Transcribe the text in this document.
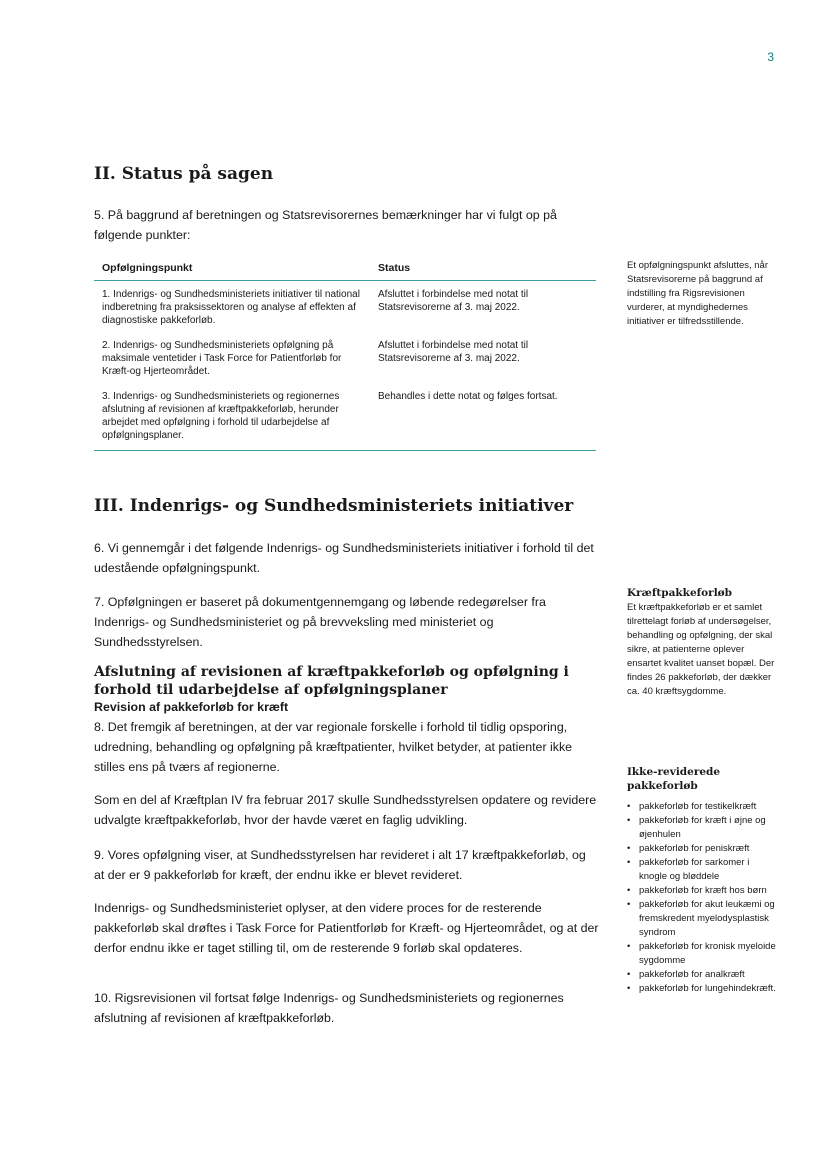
3
II. Status på sagen

5. På baggrund af beretningen og Statsrevisorernes bemærkninger har vi fulgt op på følgende punkter:

Opfølgningspunkt	Status
1. Indenrigs- og Sundhedsministeriets initiativer til national indberetning fra praksissektoren og analyse af effekten af diagnostiske pakkeforløb.	Afsluttet i forbindelse med notat til Statsrevisorerne af 3. maj 2022.
2. Indenrigs- og Sundhedsministeriets opfølgning på maksimale ventetider i Task Force for Patientforløb for Kræft-og Hjerteområdet.	Afsluttet i forbindelse med notat til Statsrevisorerne af 3. maj 2022.
3. Indenrigs- og Sundhedsministeriets og regionernes afslutning af revisionen af kræftpakkeforløb, herunder arbejdet med opfølgning i forhold til udarbejdelse af opfølgningsplaner.	Behandles i dette notat og følges fortsat.
Et opfølgningspunkt afsluttes, når Statsrevisorerne på baggrund af indstilling fra Rigsrevisionen vurderer, at myndighedernes initiativer er tilfredsstillende.
III. Indenrigs- og Sundhedsministeriets initiativer

6. Vi gennemgår i det følgende Indenrigs- og Sundhedsministeriets initiativer i forhold til det udestående opfølgningspunkt.

7. Opfølgningen er baseret på dokumentgennemgang og løbende redegørelser fra Indenrigs- og Sundhedsministeriet og på brevveksling med ministeriet og Sundhedsstyrelsen.

Afslutning af revisionen af kræftpakkeforløb og opfølgning i forhold til udarbejdelse af opfølgningsplaner
Revision af pakkeforløb for kræft

8. Det fremgik af beretningen, at der var regionale forskelle i forhold til tidlig opsporing, udredning, behandling og opfølgning på kræftpatienter, hvilket betyder, at patienter ikke stilles ens på tværs af regionerne.

Som en del af Kræftplan IV fra februar 2017 skulle Sundhedsstyrelsen opdatere og revidere udvalgte kræftpakkeforløb, hvor der havde været en faglig udvikling.

9. Vores opfølgning viser, at Sundhedsstyrelsen har revideret i alt 17 kræftpakkeforløb, og at der er 9 pakkeforløb for kræft, der endnu ikke er blevet revideret.

Indenrigs- og Sundhedsministeriet oplyser, at den videre proces for de resterende pakkeforløb skal drøftes i Task Force for Patientforløb for Kræft- og Hjerteområdet, og at der derfor endnu ikke er taget stilling til, om de resterende 9 forløb skal opdateres.

10. Rigsrevisionen vil fortsat følge Indenrigs- og Sundhedsministeriets og regionernes afslutning af revisionen af kræftpakkeforløb.

Kræftpakkeforløb
Et kræftpakkeforløb er et samlet tilrettelagt forløb af undersøgelser, behandling og opfølgning, der skal sikre, at patienterne oplever ensartet kvalitet uanset bopæl. Der findes 26 pakkeforløb, der dækker ca. 40 kræftsygdomme.
Ikke-reviderede pakkeforløb
• pakkeforløb for testikelkræft
• pakkeforløb for kræft i øjne og øjenhulen
• pakkeforløb for peniskræft
• pakkeforløb for sarkomer i knogle og bløddele
• pakkeforløb for kræft hos børn
• pakkeforløb for akut leukæmi og fremskredent myelodysplastisk syndrom
• pakkeforløb for kronisk myeloide sygdomme
• pakkeforløb for analkræft
• pakkeforløb for lungehindekræft.
